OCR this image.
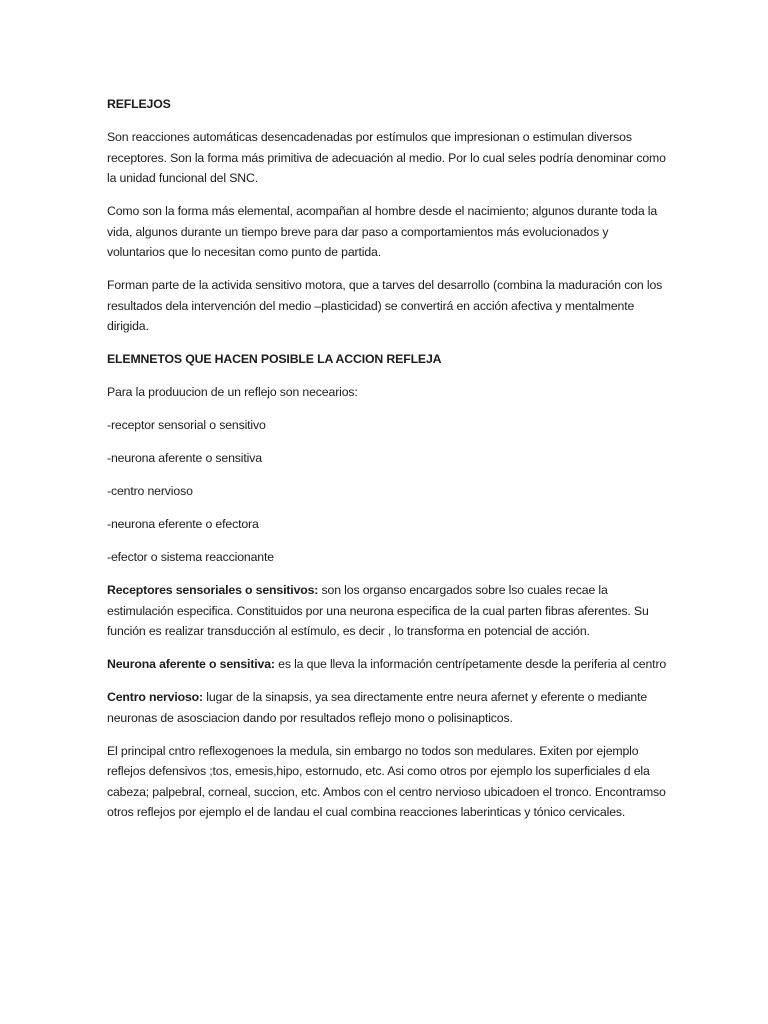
REFLEJOS

Son reacciones automáticas desencadenadas por estímulos que impresionan o estimulan diversos receptores. Son la forma más primitiva de adecuación al medio. Por lo cual seles podría denominar como la unidad funcional del SNC.

Como son la forma más elemental, acompañan al hombre desde el nacimiento; algunos durante toda la vida, algunos durante un tiempo breve para dar paso a comportamientos más evolucionados y voluntarios que lo necesitan como punto de partida.

Forman parte de la activida sensitivo motora, que a tarves del desarrollo (combina la maduración con los resultados dela intervención del medio –plasticidad) se convertirá en acción afectiva y mentalmente dirigida.

ELEMNETOS QUE HACEN POSIBLE LA ACCION REFLEJA

Para la produucion de un reflejo son necearios:

-receptor sensorial o sensitivo

-neurona aferente o sensitiva

-centro nervioso

-neurona eferente o efectora

-efector o sistema reaccionante

Receptores sensoriales o sensitivos: son los organso encargados sobre lso cuales recae la estimulación especifica. Constituidos por una neurona especifica de la cual parten fibras aferentes. Su función es realizar transducción al estímulo, es decir , lo transforma en potencial de acción.

Neurona aferente o sensitiva: es la que lleva la información centrípetamente desde la periferia al centro

Centro nervioso: lugar de la sinapsis, ya sea directamente entre neura afernet y eferente o mediante neuronas de asosciacion dando por resultados reflejo mono o polisinapticos.

El principal cntro reflexogenoes la medula, sin embargo no todos son medulares. Exiten por ejemplo reflejos defensivos ;tos, emesis,hipo, estornudo, etc. Asi como otros por ejemplo los superficiales d ela cabeza; palpebral, corneal, succion, etc. Ambos con el centro nervioso ubicadoen el tronco. Encontramso otros reflejos por ejemplo el de landau el cual combina reacciones laberinticas y tónico cervicales.
